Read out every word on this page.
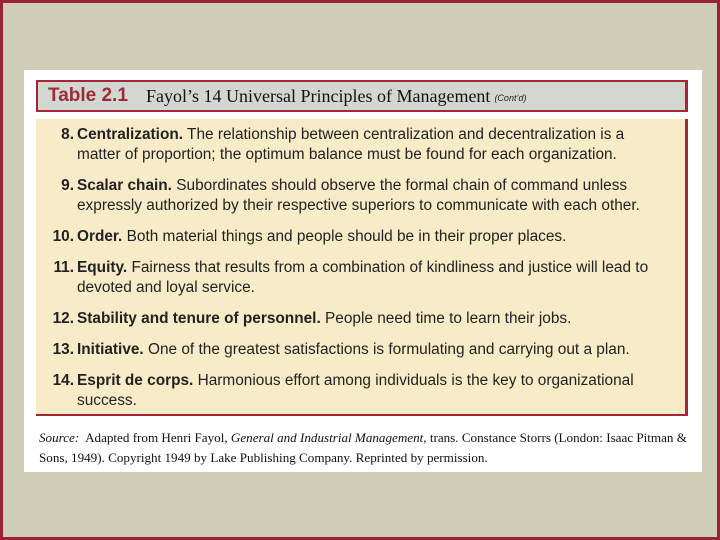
Table 2.1	Fayol’s 14 Universal Principles of Management (Cont’d)
8. Centralization. The relationship between centralization and decentralization is a matter of proportion; the optimum balance must be found for each organization.
9. Scalar chain. Subordinates should observe the formal chain of command unless expressly authorized by their respective superiors to communicate with each other.
10. Order. Both material things and people should be in their proper places.
11. Equity. Fairness that results from a combination of kindliness and justice will lead to devoted and loyal service.
12. Stability and tenure of personnel. People need time to learn their jobs.
13. Initiative. One of the greatest satisfactions is formulating and carrying out a plan.
14. Esprit de corps. Harmonious effort among individuals is the key to organizational success.
Source: Adapted from Henri Fayol, General and Industrial Management, trans. Constance Storrs (London: Isaac Pitman & Sons, 1949). Copyright 1949 by Lake Publishing Company. Reprinted by permission.
